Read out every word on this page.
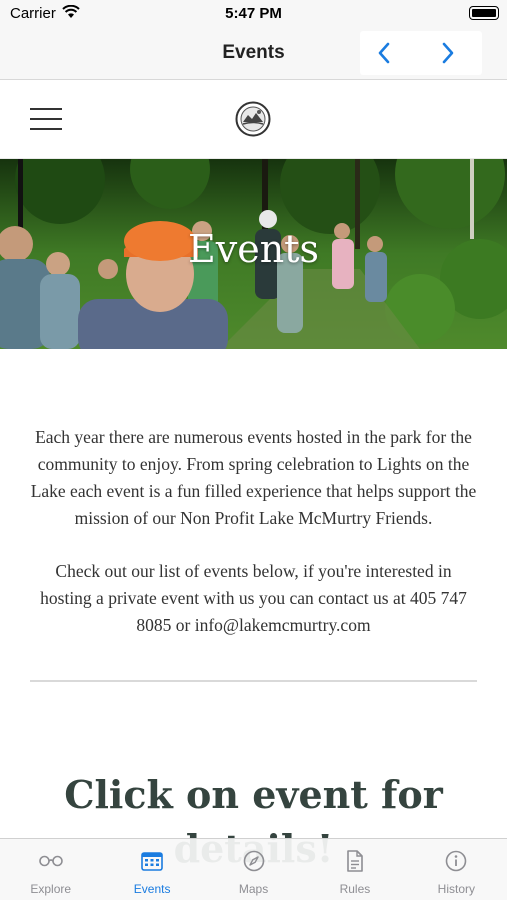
Carrier	5:47 PM
Events
Events

Each year there are numerous events hosted in the park for the community to enjoy. From spring celebration to Lights on the Lake each event is a fun filled experience that helps support the mission of our Non Profit Lake McMurtry Friends.

Check out our list of events below, if you're interested in hosting a private event with us you can contact us at 405 747 8085 or info@lakemcmurtry.com

Click on event for
Explore	Events	Maps	Rules	History
